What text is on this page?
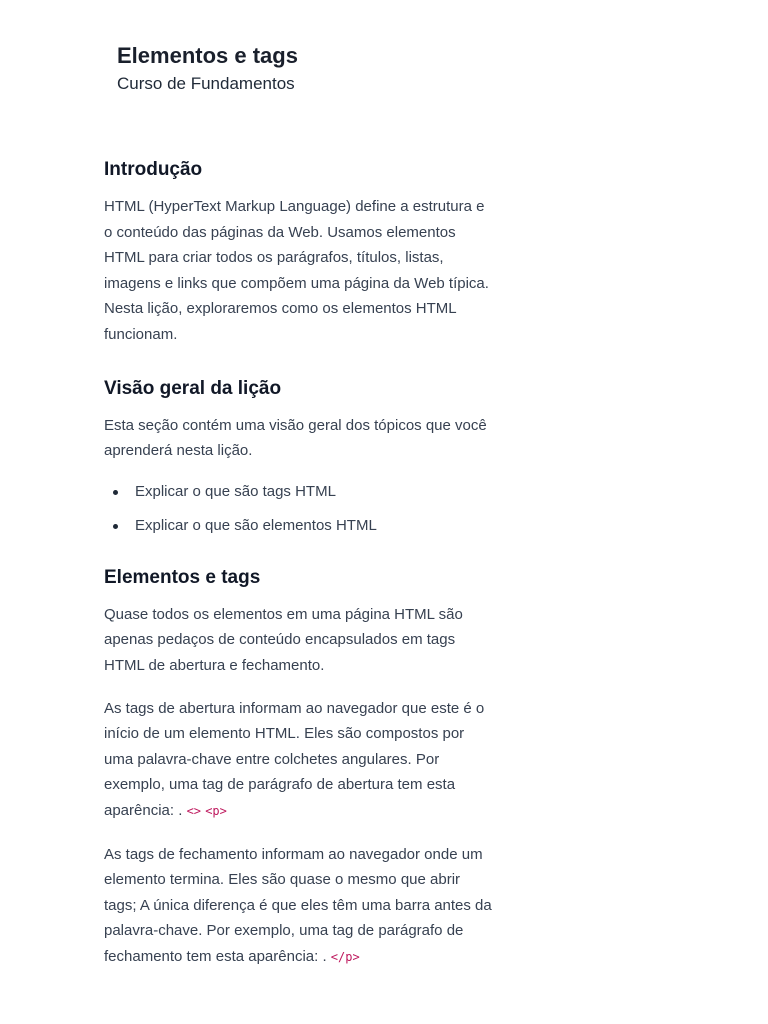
Elementos e tags
Curso de Fundamentos
Introdução

HTML (HyperText Markup Language) define a estrutura e o conteúdo das páginas da Web. Usamos elementos HTML para criar todos os parágrafos, títulos, listas, imagens e links que compõem uma página da Web típica. Nesta lição, exploraremos como os elementos HTML funcionam.

Visão geral da lição

Esta seção contém uma visão geral dos tópicos que você aprenderá nesta lição.

Explicar o que são tags HTML
Explicar o que são elementos HTML
Elementos e tags

Quase todos os elementos em uma página HTML são apenas pedaços de conteúdo encapsulados em tags HTML de abertura e fechamento.

As tags de abertura informam ao navegador que este é o início de um elemento HTML. Eles são compostos por uma palavra-chave entre colchetes angulares. Por exemplo, uma tag de parágrafo de abertura tem esta aparência: . <> <p>

As tags de fechamento informam ao navegador onde um elemento termina. Eles são quase o mesmo que abrir tags; A única diferença é que eles têm uma barra antes da palavra-chave. Por exemplo, uma tag de parágrafo de fechamento tem esta aparência: . </p>
